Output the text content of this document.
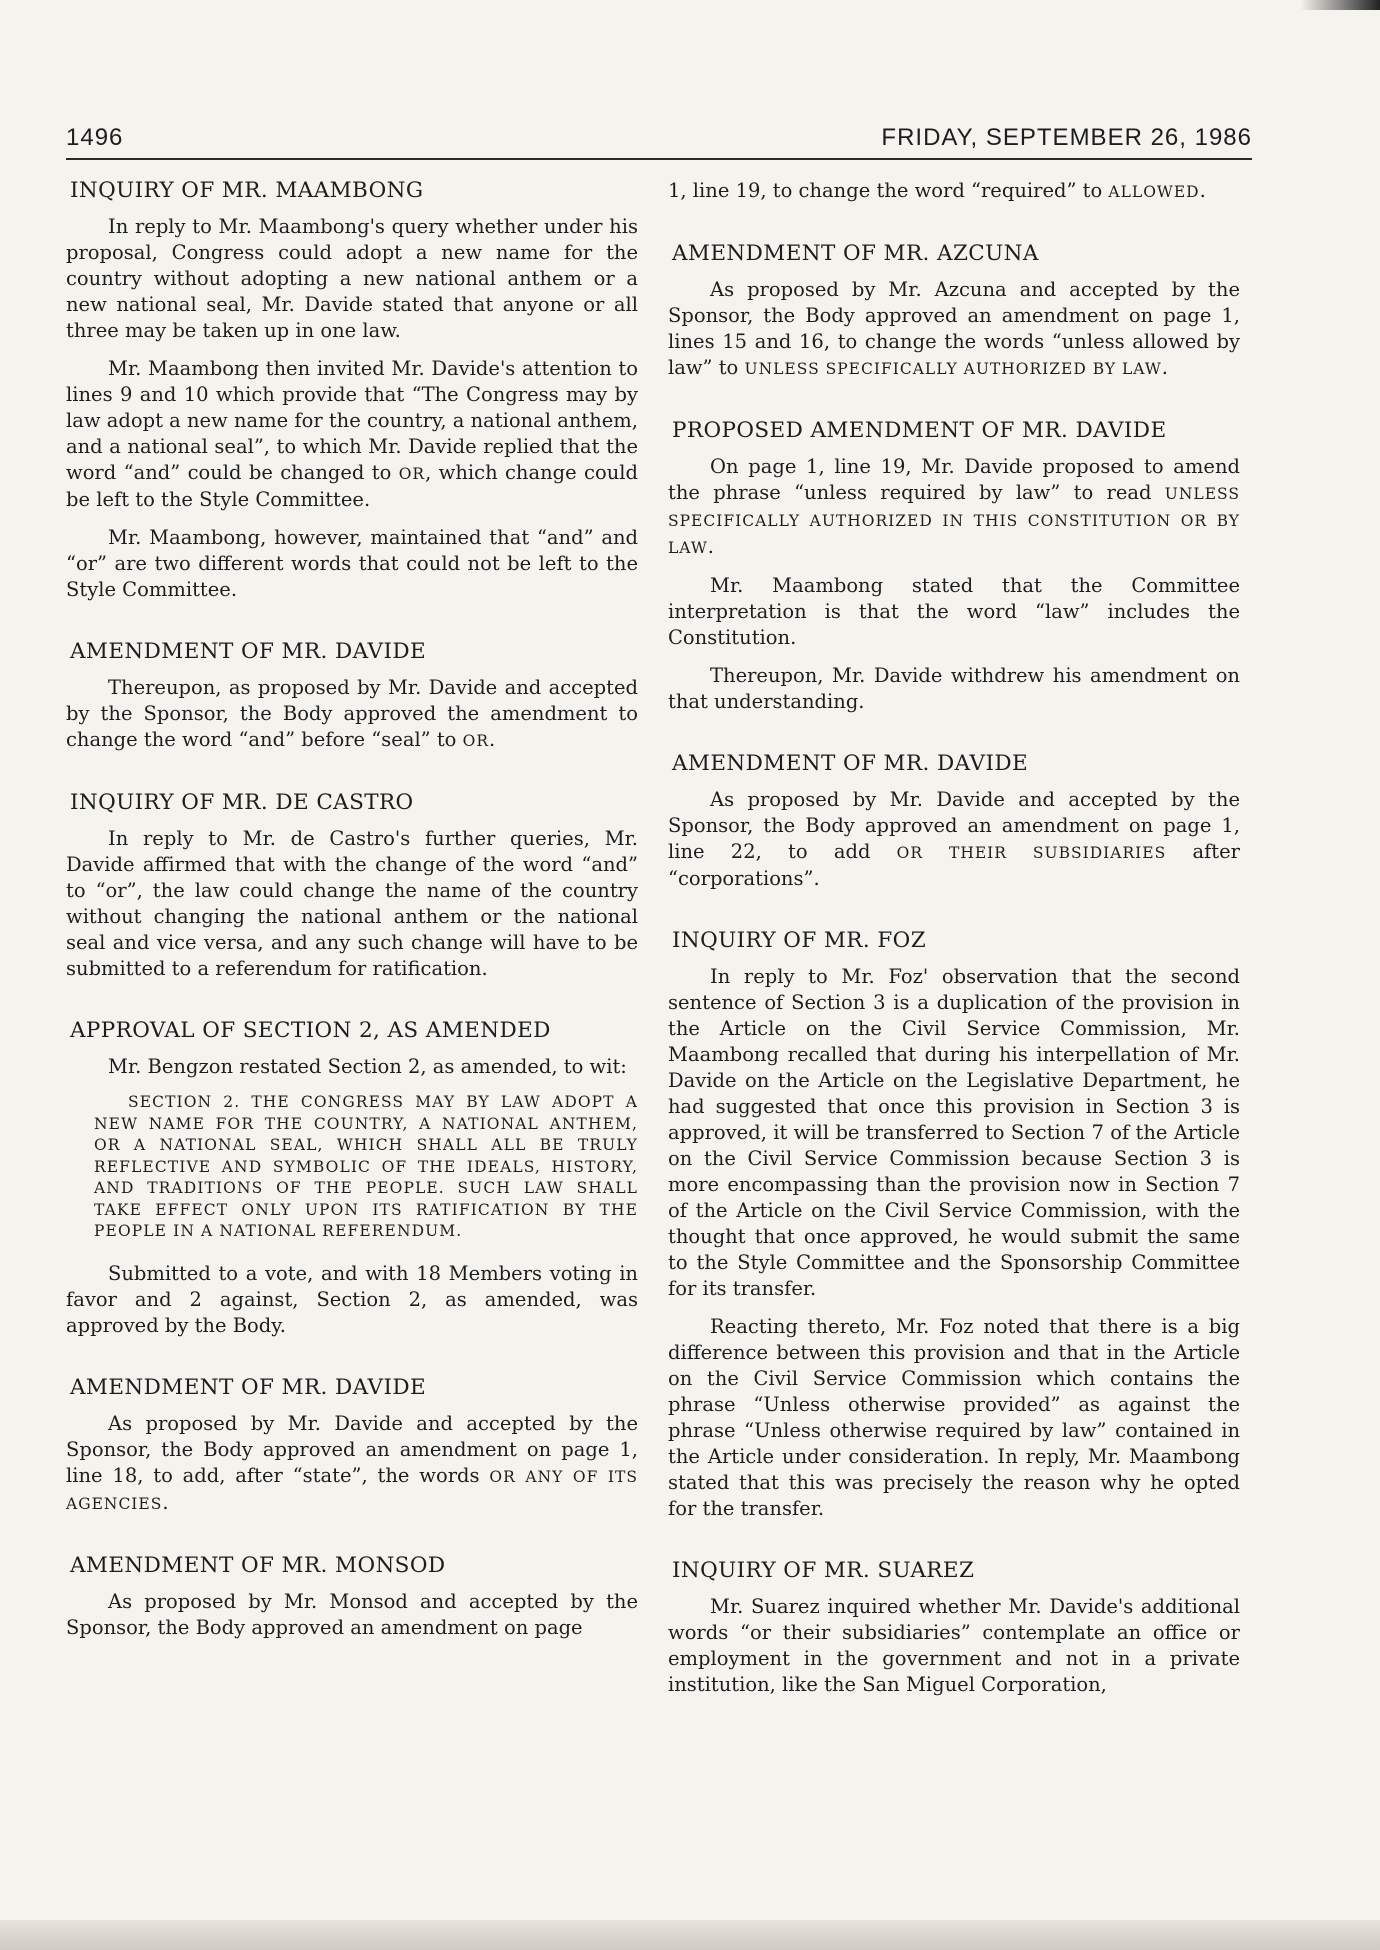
1496	FRIDAY, SEPTEMBER 26, 1986
INQUIRY OF MR. MAAMBONG

In reply to Mr. Maambong's query whether under his proposal, Congress could adopt a new name for the country without adopting a new national anthem or a new national seal, Mr. Davide stated that anyone or all three may be taken up in one law.

Mr. Maambong then invited Mr. Davide's attention to lines 9 and 10 which provide that “The Congress may by law adopt a new name for the country, a national anthem, and a national seal”, to which Mr. Davide replied that the word “and” could be changed to OR, which change could be left to the Style Committee.

Mr. Maambong, however, maintained that “and” and “or” are two different words that could not be left to the Style Committee.

AMENDMENT OF MR. DAVIDE

Thereupon, as proposed by Mr. Davide and accepted by the Sponsor, the Body approved the amendment to change the word “and” before “seal” to OR.

INQUIRY OF MR. DE CASTRO

In reply to Mr. de Castro's further queries, Mr. Davide affirmed that with the change of the word “and” to “or”, the law could change the name of the country without changing the national anthem or the national seal and vice versa, and any such change will have to be submitted to a referendum for ratification.

APPROVAL OF SECTION 2, AS AMENDED

Mr. Bengzon restated Section 2, as amended, to wit:

SECTION 2. THE CONGRESS MAY BY LAW ADOPT A NEW NAME FOR THE COUNTRY, A NATIONAL ANTHEM, OR A NATIONAL SEAL, WHICH SHALL ALL BE TRULY REFLECTIVE AND SYMBOLIC OF THE IDEALS, HISTORY, AND TRADITIONS OF THE PEOPLE. SUCH LAW SHALL TAKE EFFECT ONLY UPON ITS RATIFICATION BY THE PEOPLE IN A NATIONAL REFERENDUM.

Submitted to a vote, and with 18 Members voting in favor and 2 against, Section 2, as amended, was approved by the Body.

AMENDMENT OF MR. DAVIDE

As proposed by Mr. Davide and accepted by the Sponsor, the Body approved an amendment on page 1, line 18, to add, after “state”, the words OR ANY OF ITS AGENCIES.

AMENDMENT OF MR. MONSOD

As proposed by Mr. Monsod and accepted by the Sponsor, the Body approved an amendment on page

1, line 19, to change the word “required” to ALLOWED.

AMENDMENT OF MR. AZCUNA

As proposed by Mr. Azcuna and accepted by the Sponsor, the Body approved an amendment on page 1, lines 15 and 16, to change the words “unless allowed by law” to UNLESS SPECIFICALLY AUTHORIZED BY LAW.

PROPOSED AMENDMENT OF MR. DAVIDE

On page 1, line 19, Mr. Davide proposed to amend the phrase “unless required by law” to read UNLESS SPECIFICALLY AUTHORIZED IN THIS CONSTITUTION OR BY LAW.

Mr. Maambong stated that the Committee interpretation is that the word “law” includes the Constitution.

Thereupon, Mr. Davide withdrew his amendment on that understanding.

AMENDMENT OF MR. DAVIDE

As proposed by Mr. Davide and accepted by the Sponsor, the Body approved an amendment on page 1, line 22, to add OR THEIR SUBSIDIARIES after “corporations”.

INQUIRY OF MR. FOZ

In reply to Mr. Foz' observation that the second sentence of Section 3 is a duplication of the provision in the Article on the Civil Service Commission, Mr. Maambong recalled that during his interpellation of Mr. Davide on the Article on the Legislative Department, he had suggested that once this provision in Section 3 is approved, it will be transferred to Section 7 of the Article on the Civil Service Commission because Section 3 is more encompassing than the provision now in Section 7 of the Article on the Civil Service Commission, with the thought that once approved, he would submit the same to the Style Committee and the Sponsorship Committee for its transfer.

Reacting thereto, Mr. Foz noted that there is a big difference between this provision and that in the Article on the Civil Service Commission which contains the phrase “Unless otherwise provided” as against the phrase “Unless otherwise required by law” contained in the Article under consideration. In reply, Mr. Maambong stated that this was precisely the reason why he opted for the transfer.

INQUIRY OF MR. SUAREZ

Mr. Suarez inquired whether Mr. Davide's additional words “or their subsidiaries” contemplate an office or employment in the government and not in a private institution, like the San Miguel Corporation,
